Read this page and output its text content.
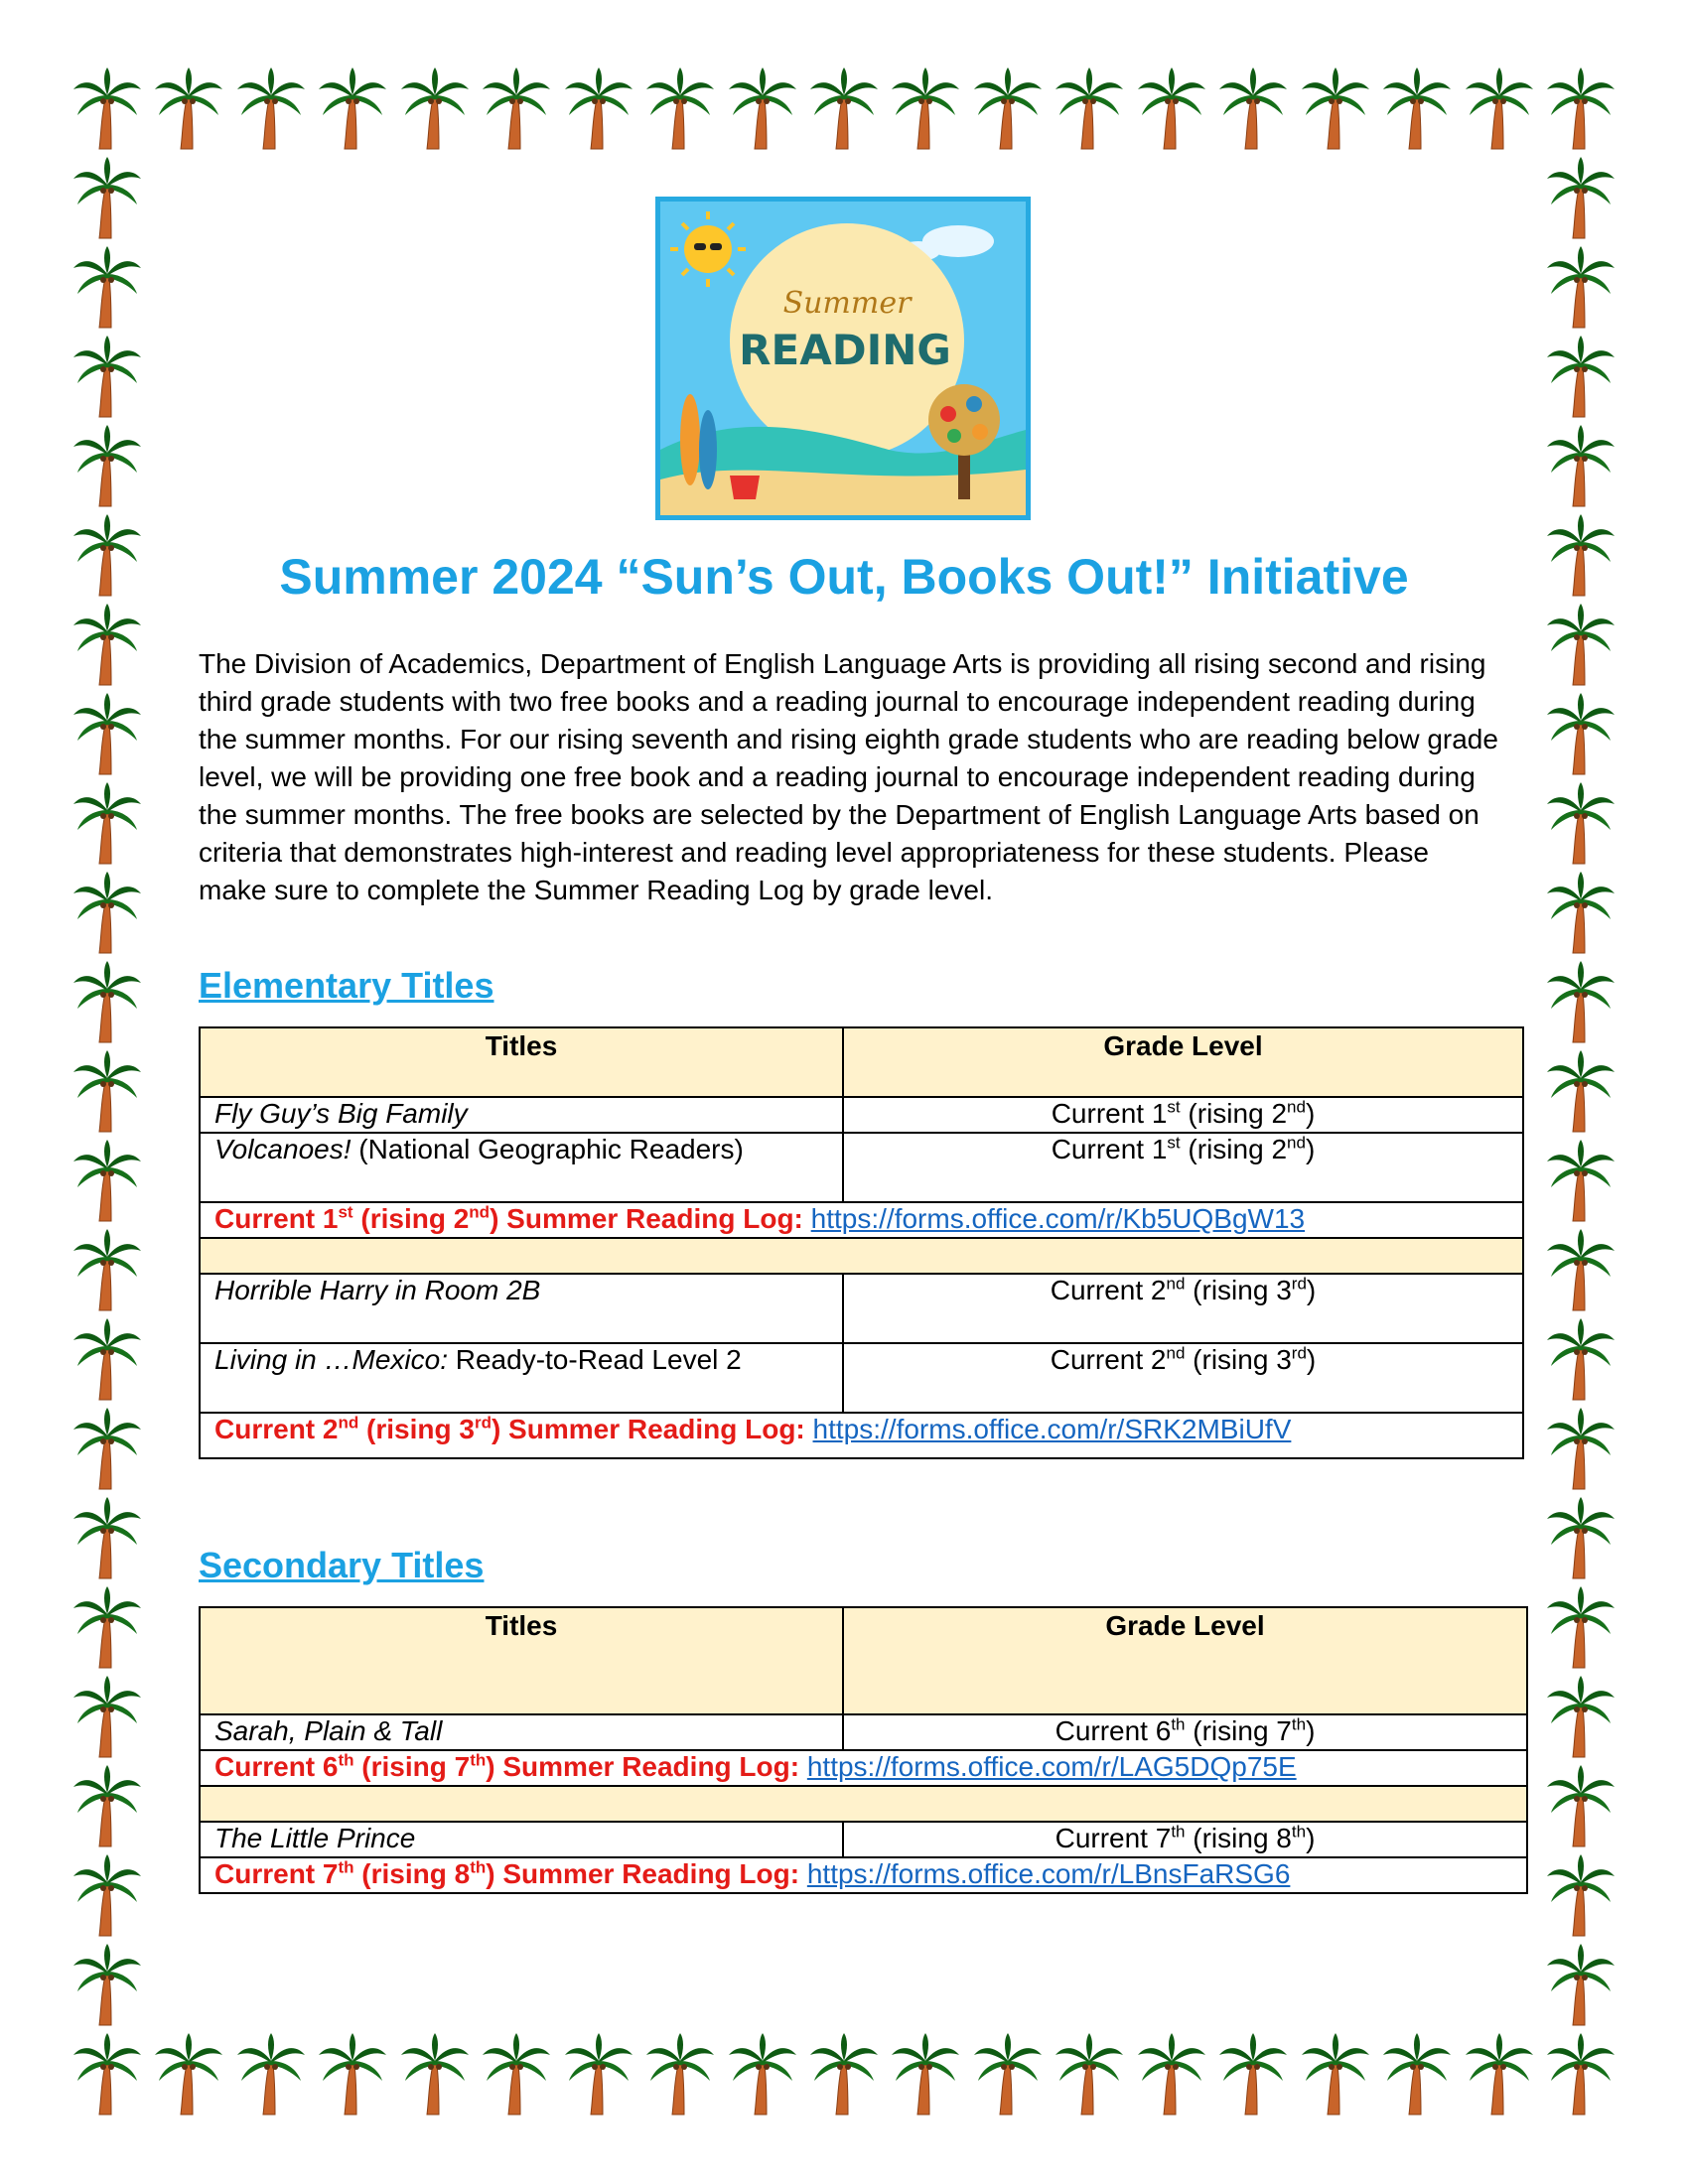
Summer
READING
Summer 2024 “Sun’s Out, Books Out!” Initiative
The Division of Academics, Department of English Language Arts is providing all rising second and rising third grade students with two free books and a reading journal to encourage independent reading during the summer months. For our rising seventh and rising eighth grade students who are reading below grade level, we will be providing one free book and a reading journal to encourage independent reading during the summer months. The free books are selected by the Department of English Language Arts based on criteria that demonstrates high-interest and reading level appropriateness for these students. Please make sure to complete the Summer Reading Log by grade level.
Elementary Titles
Titles	Grade Level
Fly Guy’s Big Family	Current 1st (rising 2nd)
Volcanoes! (National Geographic Readers)	Current 1st (rising 2nd)
Current 1st (rising 2nd) Summer Reading Log: https://forms.office.com/r/Kb5UQBgW13	

Horrible Harry in Room 2B	Current 2nd (rising 3rd)
Living in …Mexico: Ready-to-Read Level 2	Current 2nd (rising 3rd)
Current 2nd (rising 3rd) Summer Reading Log: https://forms.office.com/r/SRK2MBiUfV	
Secondary Titles
Titles	Grade Level
Sarah, Plain & Tall	Current 6th (rising 7th)
Current 6th (rising 7th) Summer Reading Log: https://forms.office.com/r/LAG5DQp75E	

The Little Prince	Current 7th (rising 8th)
Current 7th (rising 8th) Summer Reading Log: https://forms.office.com/r/LBnsFaRSG6	
